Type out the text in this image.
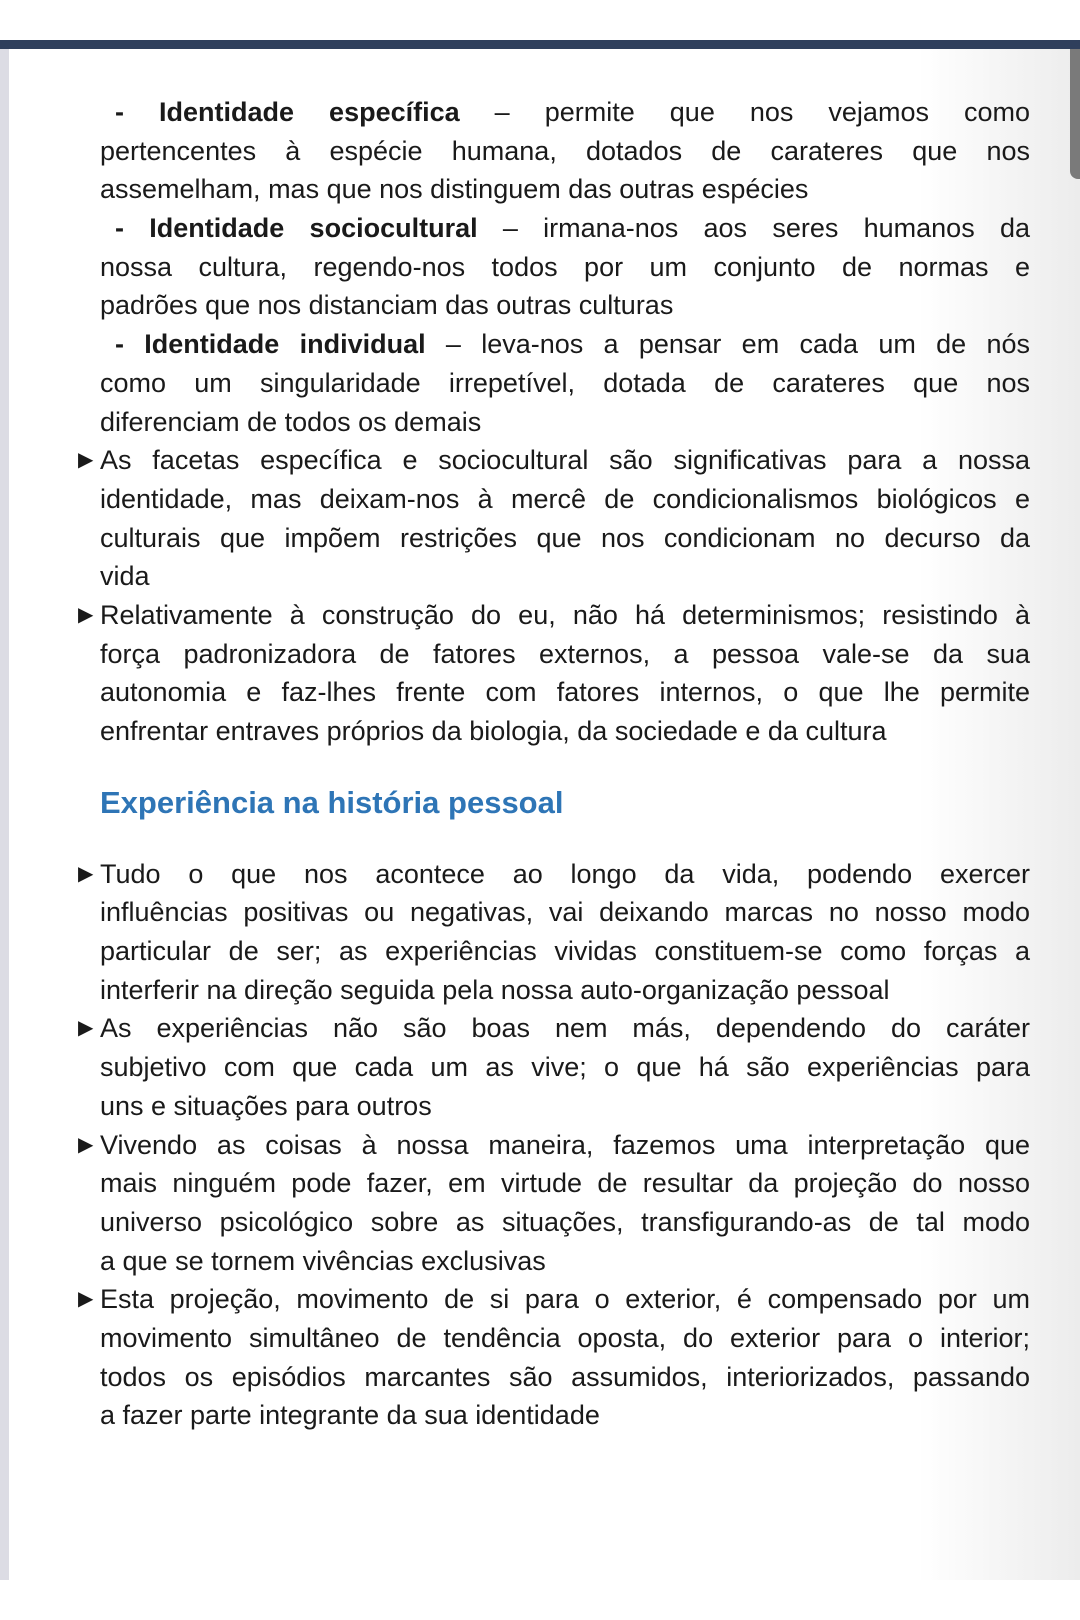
- Identidade específica – permite que nos vejamos como
pertencentes à espécie humana, dotados de carateres que nos
assemelham, mas que nos distinguem das outras espécies
- Identidade sociocultural – irmana-nos aos seres humanos da
nossa cultura, regendo-nos todos por um conjunto de normas e
padrões que nos distanciam das outras culturas
- Identidade individual – leva-nos a pensar em cada um de nós
como um singularidade irrepetível, dotada de carateres que nos
diferenciam de todos os demais
▶ As facetas específica e sociocultural são significativas para a nossa
identidade, mas deixam-nos à mercê de condicionalismos biológicos e
culturais que impõem restrições que nos condicionam no decurso da
vida
▶ Relativamente à construção do eu, não há determinismos; resistindo à
força padronizadora de fatores externos, a pessoa vale-se da sua
autonomia e faz-lhes frente com fatores internos, o que lhe permite
enfrentar entraves próprios da biologia, da sociedade e da cultura
Experiência na história pessoal
▶ Tudo o que nos acontece ao longo da vida, podendo exercer
influências positivas ou negativas, vai deixando marcas no nosso modo
particular de ser; as experiências vividas constituem-se como forças a
interferir na direção seguida pela nossa auto-organização pessoal
▶ As experiências não são boas nem más, dependendo do caráter
subjetivo com que cada um as vive; o que há são experiências para
uns e situações para outros
▶ Vivendo as coisas à nossa maneira, fazemos uma interpretação que
mais ninguém pode fazer, em virtude de resultar da projeção do nosso
universo psicológico sobre as situações, transfigurando-as de tal modo
a que se tornem vivências exclusivas
▶ Esta projeção, movimento de si para o exterior, é compensado por um
movimento simultâneo de tendência oposta, do exterior para o interior;
todos os episódios marcantes são assumidos, interiorizados, passando
a fazer parte integrante da sua identidade
